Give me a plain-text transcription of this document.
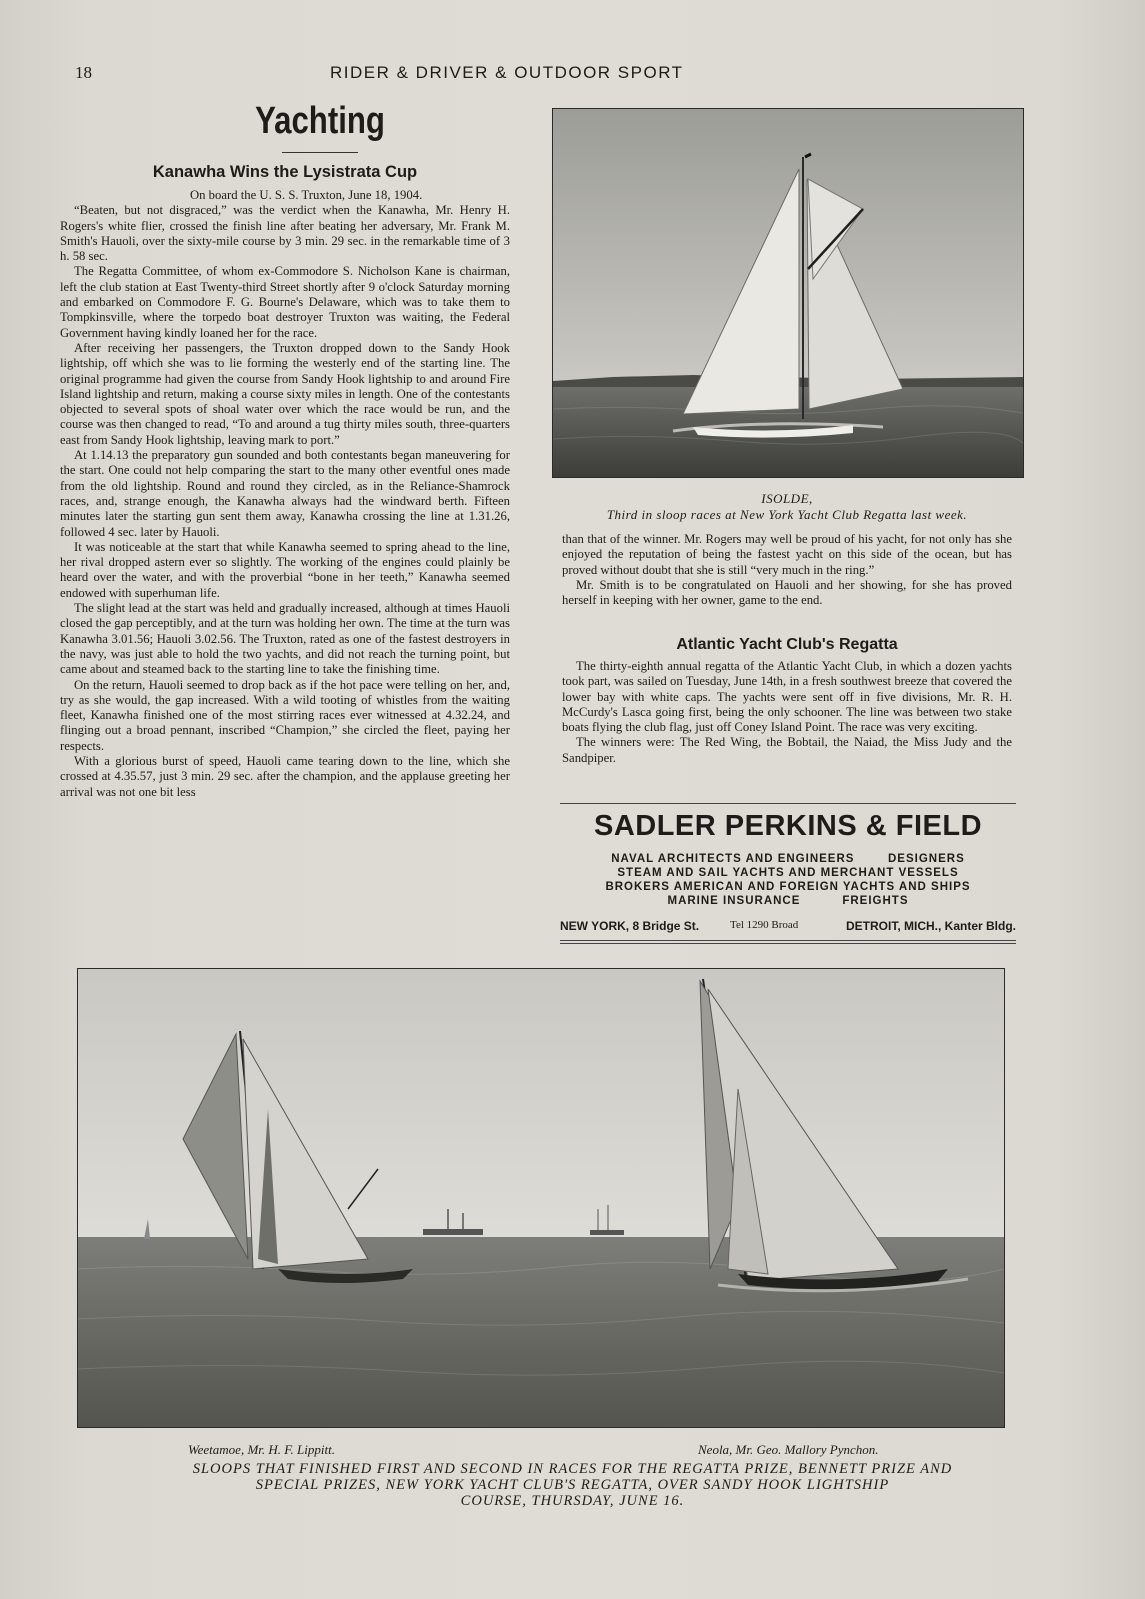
18	RIDER & DRIVER & OUTDOOR SPORT
Yachting
Kanawha Wins the Lysistrata Cup

On board the U. S. S. Truxton, June 18, 1904.

“Beaten, but not disgraced,” was the verdict when the Kanawha, Mr. Henry H. Rogers's white flier, crossed the finish line after beating her adversary, Mr. Frank M. Smith's Hauoli, over the sixty-mile course by 3 min. 29 sec. in the remarkable time of 3 h. 58 sec.

The Regatta Committee, of whom ex-Commodore S. Nicholson Kane is chairman, left the club station at East Twenty-third Street shortly after 9 o'clock Saturday morning and embarked on Commodore F. G. Bourne's Delaware, which was to take them to Tompkinsville, where the torpedo boat destroyer Truxton was waiting, the Federal Government having kindly loaned her for the race.

After receiving her passengers, the Truxton dropped down to the Sandy Hook lightship, off which she was to lie forming the westerly end of the starting line. The original programme had given the course from Sandy Hook lightship to and around Fire Island lightship and return, making a course sixty miles in length. One of the contestants objected to several spots of shoal water over which the race would be run, and the course was then changed to read, “To and around a tug thirty miles south, three-quarters east from Sandy Hook lightship, leaving mark to port.”

At 1.14.13 the preparatory gun sounded and both contestants began maneuvering for the start. One could not help comparing the start to the many other eventful ones made from the old lightship. Round and round they circled, as in the Reliance-Shamrock races, and, strange enough, the Kanawha always had the windward berth. Fifteen minutes later the starting gun sent them away, Kanawha crossing the line at 1.31.26, followed 4 sec. later by Hauoli.

It was noticeable at the start that while Kanawha seemed to spring ahead to the line, her rival dropped astern ever so slightly. The working of the engines could plainly be heard over the water, and with the proverbial “bone in her teeth,” Kanawha seemed endowed with superhuman life.

The slight lead at the start was held and gradually increased, although at times Hauoli closed the gap perceptibly, and at the turn was holding her own. The time at the turn was Kanawha 3.01.56; Hauoli 3.02.56. The Truxton, rated as one of the fastest destroyers in the navy, was just able to hold the two yachts, and did not reach the turning point, but came about and steamed back to the starting line to take the finishing time.

On the return, Hauoli seemed to drop back as if the hot pace were telling on her, and, try as she would, the gap increased. With a wild tooting of whistles from the waiting fleet, Kanawha finished one of the most stirring races ever witnessed at 4.32.24, and flinging out a broad pennant, inscribed “Champion,” she circled the fleet, paying her respects.

With a glorious burst of speed, Hauoli came tearing down to the line, which she crossed at 4.35.57, just 3 min. 29 sec. after the champion, and the applause greeting her arrival was not one bit less

ISOLDE,
Third in sloop races at New York Yacht Club Regatta last week.

than that of the winner. Mr. Rogers may well be proud of his yacht, for not only has she enjoyed the reputation of being the fastest yacht on this side of the ocean, but has proved without doubt that she is still “very much in the ring.”

Mr. Smith is to be congratulated on Hauoli and her showing, for she has proved herself in keeping with her owner, game to the end.

Atlantic Yacht Club's Regatta

The thirty-eighth annual regatta of the Atlantic Yacht Club, in which a dozen yachts took part, was sailed on Tuesday, June 14th, in a fresh southwest breeze that covered the lower bay with white caps. The yachts were sent off in five divisions, Mr. R. H. McCurdy's Lasca going first, being the only schooner. The line was between two stake boats flying the club flag, just off Coney Island Point. The race was very exciting.

The winners were: The Red Wing, the Bobtail, the Naiad, the Miss Judy and the Sandpiper.

SADLER PERKINS & FIELD
NAVAL ARCHITECTS AND ENGINEERS        DESIGNERS
STEAM AND SAIL YACHTS AND MERCHANT VESSELS
BROKERS AMERICAN AND FOREIGN YACHTS AND SHIPS
MARINE INSURANCE          FREIGHTS
NEW YORK, 8 Bridge St.	Tel 1290 Broad	DETROIT, MICH., Kanter Bldg.
Weetamoe, Mr. H. F. Lippitt.	Neola, Mr. Geo. Mallory Pynchon.
SLOOPS THAT FINISHED FIRST AND SECOND IN RACES FOR THE REGATTA PRIZE, BENNETT PRIZE AND
SPECIAL PRIZES, NEW YORK YACHT CLUB'S REGATTA, OVER SANDY HOOK LIGHTSHIP
COURSE, THURSDAY, JUNE 16.
